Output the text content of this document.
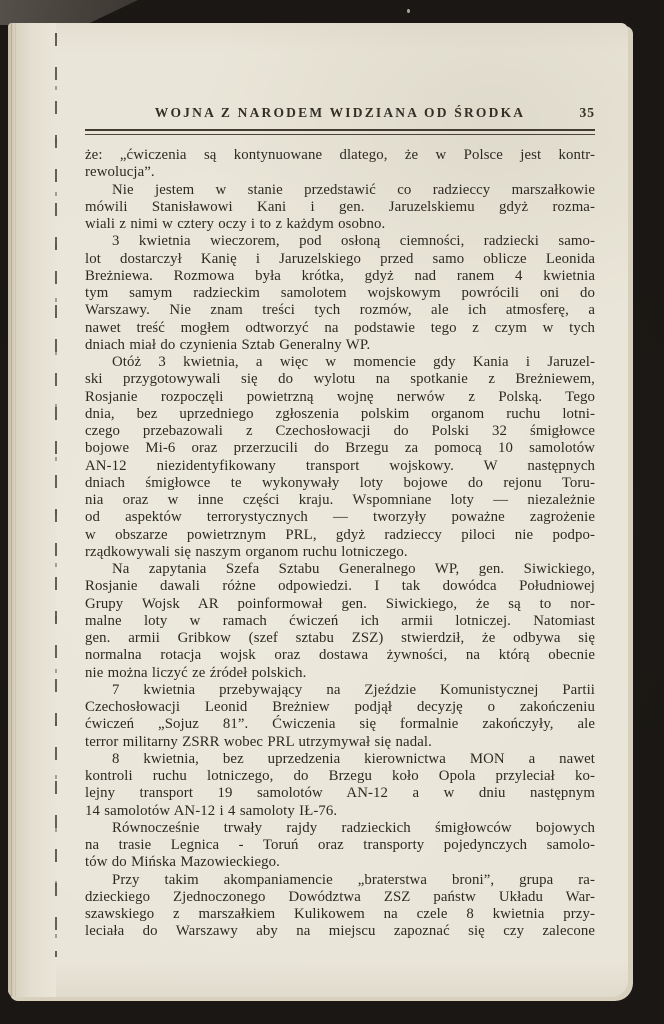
WOJNA Z NARODEM WIDZIANA OD ŚRODKA	35
że: „ćwiczenia są kontynuowane dlatego, że w Polsce jest kontr-
rewolucja”.
Nie jestem w stanie przedstawić co radzieccy marszałkowie
mówili Stanisławowi Kani i gen. Jaruzelskiemu gdyż rozma-
wiali z nimi w cztery oczy i to z każdym osobno.
3 kwietnia wieczorem, pod osłoną ciemności, radziecki samo-
lot dostarczył Kanię i Jaruzelskiego przed samo oblicze Leonida
Breżniewa. Rozmowa była krótka, gdyż nad ranem 4 kwietnia
tym samym radzieckim samolotem wojskowym powrócili oni do
Warszawy. Nie znam treści tych rozmów, ale ich atmosferę, a
nawet treść mogłem odtworzyć na podstawie tego z czym w tych
dniach miał do czynienia Sztab Generalny WP.
Otóż 3 kwietnia, a więc w momencie gdy Kania i Jaruzel-
ski przygotowywali się do wylotu na spotkanie z Breżniewem,
Rosjanie rozpoczęli powietrzną wojnę nerwów z Polską. Tego
dnia, bez uprzedniego zgłoszenia polskim organom ruchu lotni-
czego przebazowali z Czechosłowacji do Polski 32 śmigłowce
bojowe Mi-6 oraz przerzucili do Brzegu za pomocą 10 samolotów
AN-12 niezidentyfikowany transport wojskowy. W następnych
dniach śmigłowce te wykonywały loty bojowe do rejonu Toru-
nia oraz w inne części kraju. Wspomniane loty — niezależnie
od aspektów terrorystycznych — tworzyły poważne zagrożenie
w obszarze powietrznym PRL, gdyż radzieccy piloci nie podpo-
rządkowywali się naszym organom ruchu lotniczego.
Na zapytania Szefa Sztabu Generalnego WP, gen. Siwickiego,
Rosjanie dawali różne odpowiedzi. I tak dowódca Południowej
Grupy Wojsk AR poinformował gen. Siwickiego, że są to nor-
malne loty w ramach ćwiczeń ich armii lotniczej. Natomiast
gen. armii Gribkow (szef sztabu ZSZ) stwierdził, że odbywa się
normalna rotacja wojsk oraz dostawa żywności, na którą obecnie
nie można liczyć ze źródeł polskich.
7 kwietnia przebywający na Zjeździe Komunistycznej Partii
Czechosłowacji Leonid Breżniew podjął decyzję o zakończeniu
ćwiczeń „Sojuz 81”. Ćwiczenia się formalnie zakończyły, ale
terror militarny ZSRR wobec PRL utrzymywał się nadal.
8 kwietnia, bez uprzedzenia kierownictwa MON a nawet
kontroli ruchu lotniczego, do Brzegu koło Opola przyleciał ko-
lejny transport 19 samolotów AN-12 a w dniu następnym
14 samolotów AN-12 i 4 samoloty IŁ-76.
Równocześnie trwały rajdy radzieckich śmigłowców bojowych
na trasie Legnica - Toruń oraz transporty pojedynczych samolo-
tów do Mińska Mazowieckiego.
Przy takim akompaniamencie „braterstwa broni”, grupa ra-
dzieckiego Zjednoczonego Dowództwa ZSZ państw Układu War-
szawskiego z marszałkiem Kulikowem na czele 8 kwietnia przy-
leciała do Warszawy aby na miejscu zapoznać się czy zalecone
